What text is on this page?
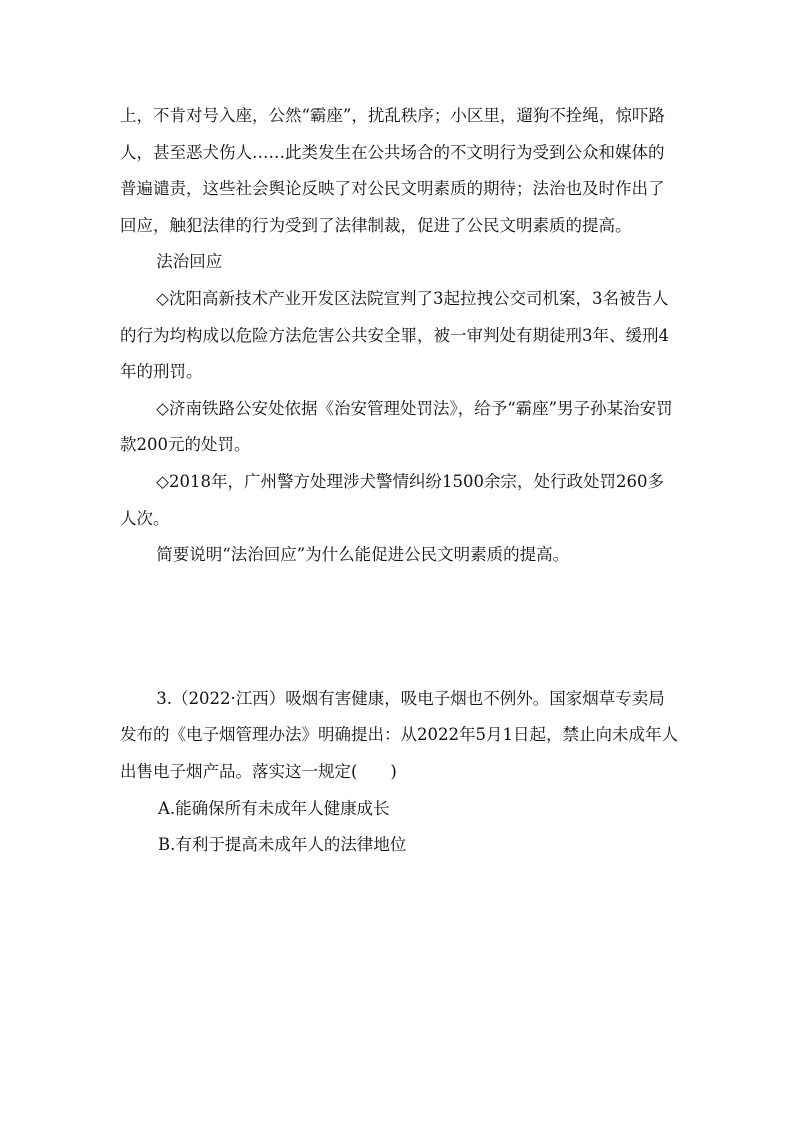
上，不肯对号入座，公然“霸座”，扰乱秩序；小区里，遛狗不拴绳，惊吓路人，甚至恶犬伤人……此类发生在公共场合的不文明行为受到公众和媒体的普遍谴责，这些社会舆论反映了对公民文明素质的期待；法治也及时作出了回应，触犯法律的行为受到了法律制裁，促进了公民文明素质的提高。

法治回应

◇沈阳高新技术产业开发区法院宣判了3起拉拽公交司机案，3名被告人的行为均构成以危险方法危害公共安全罪，被一审判处有期徒刑3年、缓刑4年的刑罚。

◇济南铁路公安处依据《治安管理处罚法》，给予“霸座”男子孙某治安罚款200元的处罚。

◇2018年，广州警方处理涉犬警情纠纷1500余宗，处行政处罚260多人次。

简要说明“法治回应”为什么能促进公民文明素质的提高。

3.（2022·江西）吸烟有害健康，吸电子烟也不例外。国家烟草专卖局发布的《电子烟管理办法》明确提出：从2022年5月1日起，禁止向未成年人出售电子烟产品。落实这一规定(　　)

A.能确保所有未成年人健康成长

B.有利于提高未成年人的法律地位
